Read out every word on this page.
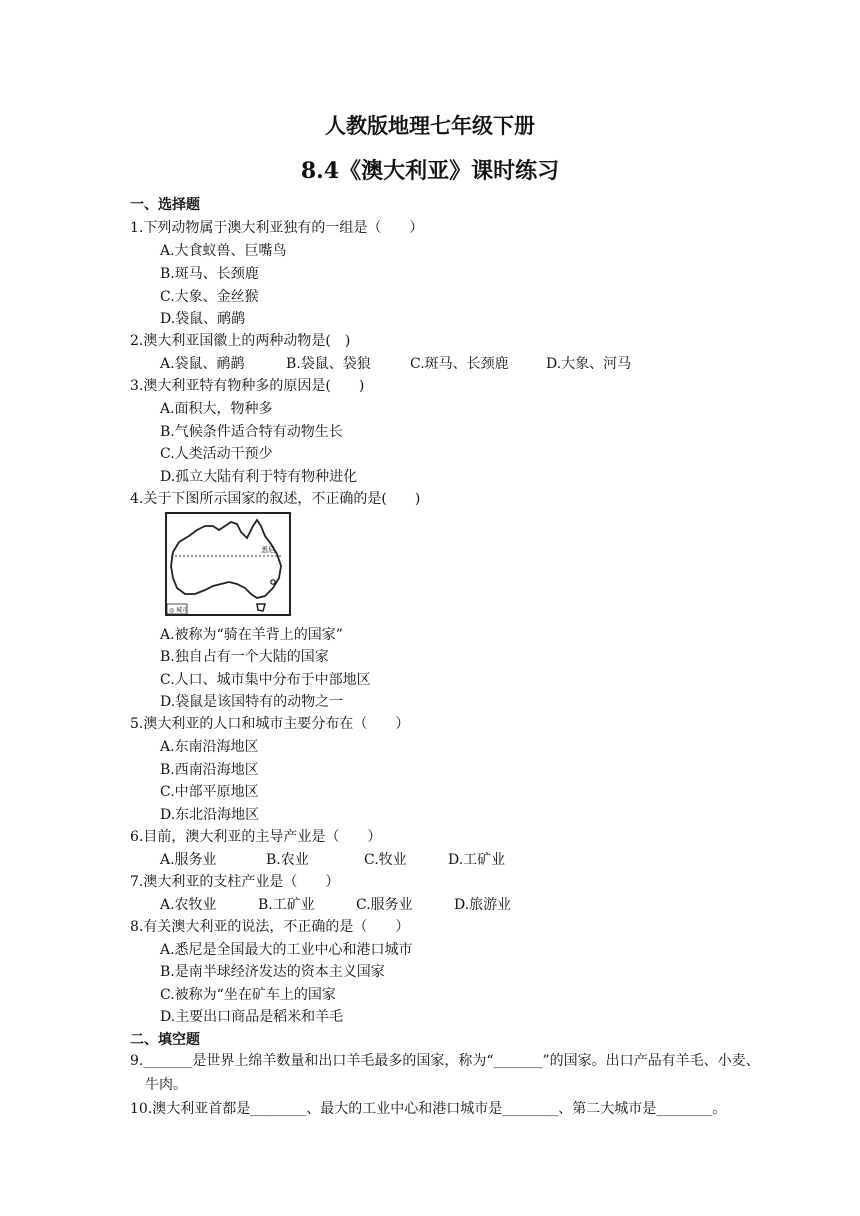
人教版地理七年级下册
8.4《澳大利亚》课时练习
一、选择题
1.下列动物属于澳大利亚独有的一组是（　　）
A.大食蚁兽、巨嘴鸟
B.斑马、长颈鹿
C.大象、金丝猴
D.袋鼠、鸸鹋
2.澳大利亚国徽上的两种动物是(　)
A.袋鼠、鸸鹋	B.袋鼠、袋狼	C.斑马、长颈鹿	D.大象、河马
3.澳大利亚特有物种多的原因是(　　)
A.面积大，物种多
B.气候条件适合特有动物生长
C.人类活动干预少
D.孤立大陆有利于特有物种进化
4.关于下图所示国家的叙述，不正确的是(　　)
悉尼
◎ 城市
A.被称为“骑在羊背上的国家”
B.独自占有一个大陆的国家
C.人口、城市集中分布于中部地区
D.袋鼠是该国特有的动物之一
5.澳大利亚的人口和城市主要分布在（　　）
A.东南沿海地区
B.西南沿海地区
C.中部平原地区
D.东北沿海地区
6.目前，澳大利亚的主导产业是（　　）
A.服务业	B.农业	C.牧业	D.工矿业
7.澳大利亚的支柱产业是（　　）
A.农牧业	B.工矿业	C.服务业	D.旅游业
8.有关澳大利亚的说法，不正确的是（　　）
A.悉尼是全国最大的工业中心和港口城市
B.是南半球经济发达的资本主义国家
C.被称为“坐在矿车上的国家
D.主要出口商品是稻米和羊毛
二、填空题
9._______是世界上绵羊数量和出口羊毛最多的国家，称为“_______”的国家。出口产品有羊毛、小麦、牛肉。
10.澳大利亚首都是________、最大的工业中心和港口城市是________、第二大城市是________。
